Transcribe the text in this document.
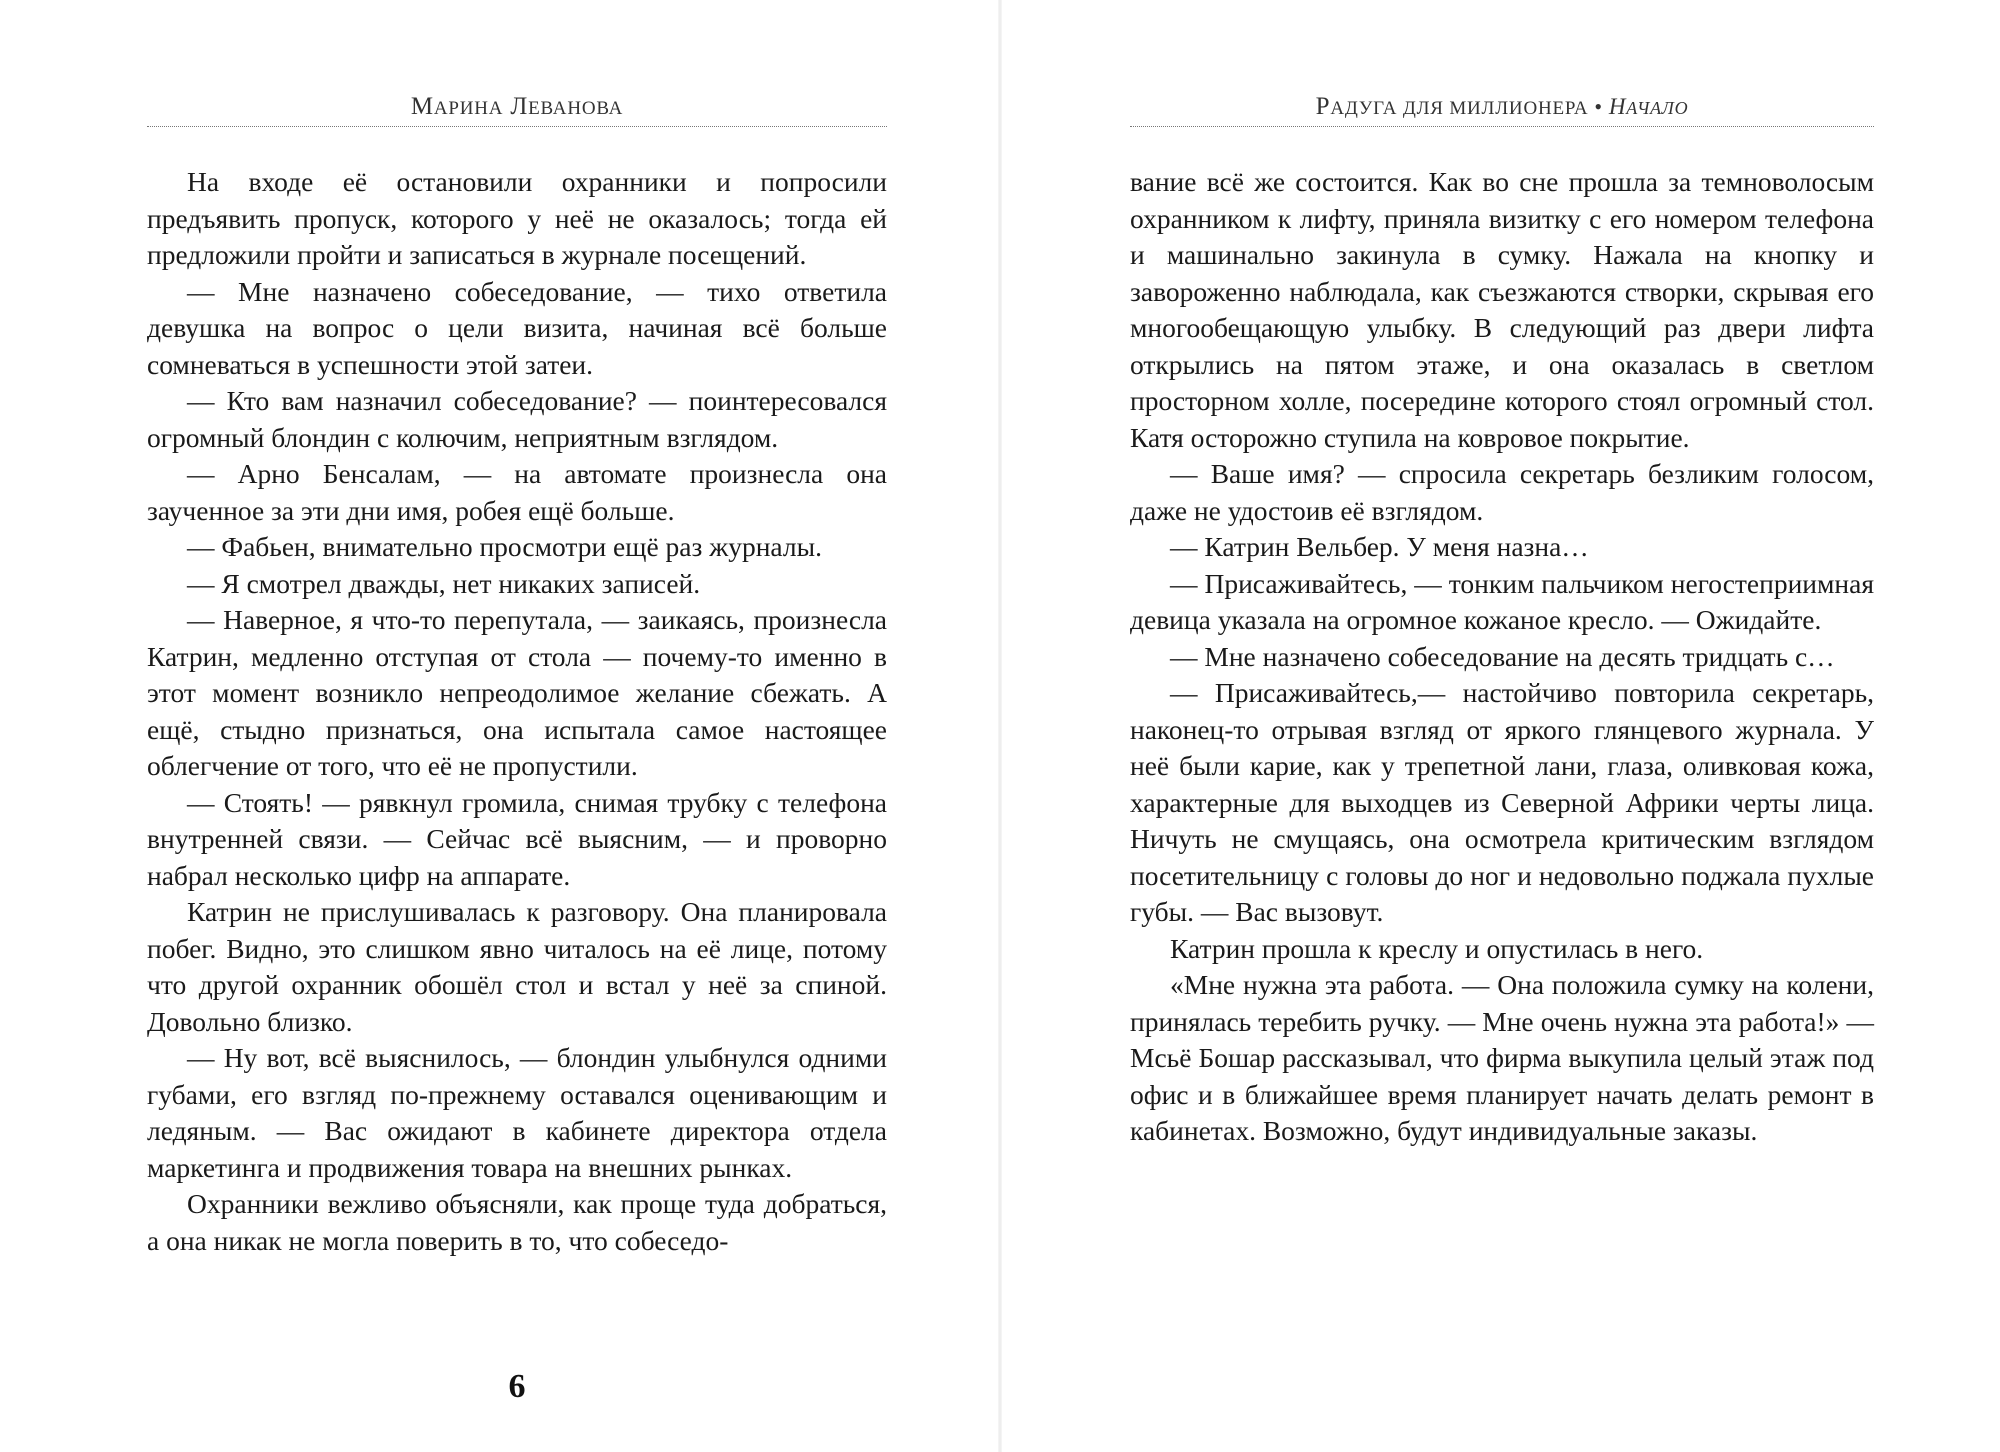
МАРИНА ЛЕВАНОВА

На входе её остановили охранники и попросили предъявить пропуск, которого у неё не оказалось; тогда ей предложили пройти и записаться в журнале посещений.

— Мне назначено собеседование, — тихо ответила девушка на вопрос о цели визита, начиная всё больше сомневаться в успешности этой затеи.

— Кто вам назначил собеседование? — поинтересовался огромный блондин с колючим, неприятным взглядом.

— Арно Бенсалам, — на автомате произнесла она заученное за эти дни имя, робея ещё больше.

— Фабьен, внимательно просмотри ещё раз журналы.

— Я смотрел дважды, нет никаких записей.

— Наверное, я что-то перепутала, — заикаясь, произнесла Катрин, медленно отступая от стола — почему-то именно в этот момент возникло непреодолимое желание сбежать. А ещё, стыдно признаться, она испытала самое настоящее облегчение от того, что её не пропустили.

— Стоять! — рявкнул громила, снимая трубку с телефона внутренней связи. — Сейчас всё выясним, — и проворно набрал несколько цифр на аппарате.

Катрин не прислушивалась к разговору. Она планировала побег. Видно, это слишком явно читалось на её лице, потому что другой охранник обошёл стол и встал у неё за спиной. Довольно близко.

— Ну вот, всё выяснилось, — блондин улыбнулся одними губами, его взгляд по-прежнему оставался оценивающим и ледяным. — Вас ожидают в кабинете директора отдела маркетинга и продвижения товара на внешних рынках.

Охранники вежливо объясняли, как проще туда добраться, а она никак не могла поверить в то, что собеседо-

6
РАДУГА ДЛЯ МИЛЛИОНЕРА • НАЧАЛО

вание всё же состоится. Как во сне прошла за темноволосым охранником к лифту, приняла визитку с его номером телефона и машинально закинула в сумку. Нажала на кнопку и завороженно наблюдала, как съезжаются створки, скрывая его многообещающую улыбку. В следующий раз двери лифта открылись на пятом этаже, и она оказалась в светлом просторном холле, посередине которого стоял огромный стол. Катя осторожно ступила на ковровое покрытие.

— Ваше имя? — спросила секретарь безликим голосом, даже не удостоив её взглядом.

— Катрин Вельбер. У меня назна…

— Присаживайтесь, — тонким пальчиком негостеприимная девица указала на огромное кожаное кресло. — Ожидайте.

— Мне назначено собеседование на десять тридцать с…

— Присаживайтесь,— настойчиво повторила секретарь, наконец-то отрывая взгляд от яркого глянцевого журнала. У неё были карие, как у трепетной лани, глаза, оливковая кожа, характерные для выходцев из Северной Африки черты лица. Ничуть не смущаясь, она осмотрела критическим взглядом посетительницу с головы до ног и недовольно поджала пухлые губы. — Вас вызовут.

Катрин прошла к креслу и опустилась в него.

«Мне нужна эта работа. — Она положила сумку на колени, принялась теребить ручку. — Мне очень нужна эта работа!» — Мсьё Бошар рассказывал, что фирма выкупила целый этаж под офис и в ближайшее время планирует начать делать ремонт в кабинетах. Возможно, будут индивидуальные заказы.
